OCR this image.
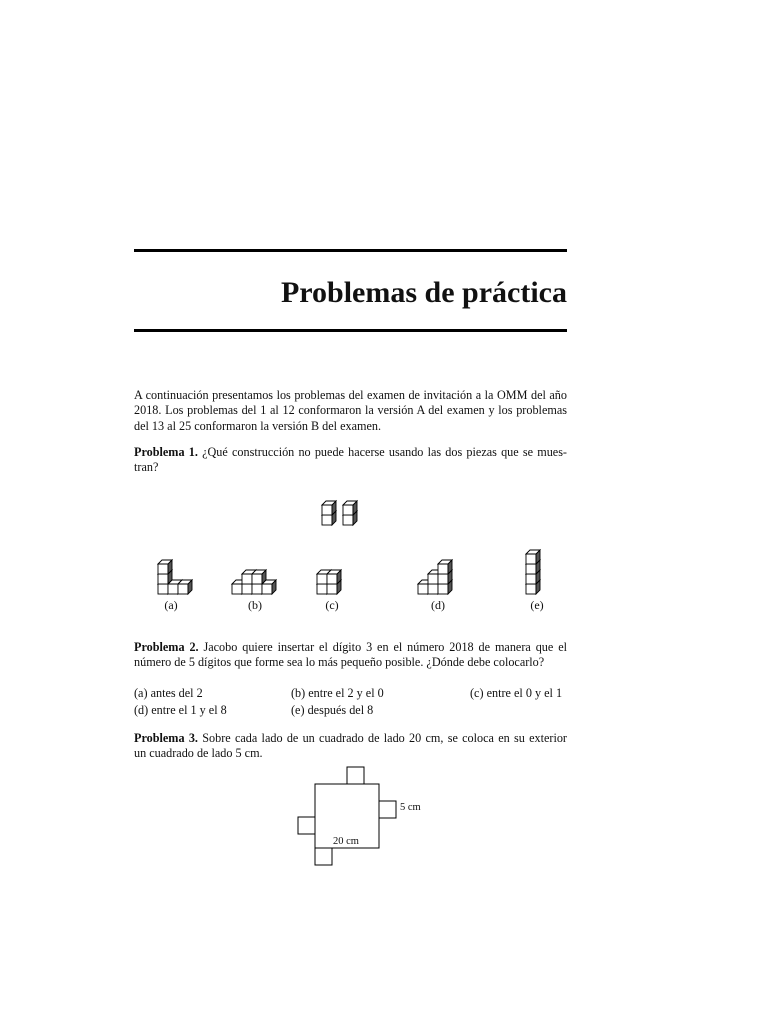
Problemas de práctica
A continuación presentamos los problemas del examen de invitación a la OMM del año
2018. Los problemas del 1 al 12 conformaron la versión A del examen y los problemas
del 13 al 25 conformaron la versión B del examen.
Problema 1. ¿Qué construcción no puede hacerse usando las dos piezas que se mues-
tran?
(a)	(b)	(c)	(d)	(e)
Problema 2. Jacobo quiere insertar el dígito 3 en el número 2018 de manera que el
número de 5 dígitos que forme sea lo más pequeño posible. ¿Dónde debe colocarlo?
(a) antes del 2	(b) entre el 2 y el 0	(c) entre el 0 y el 1
(d) entre el 1 y el 8	(e) después del 8
Problema 3. Sobre cada lado de un cuadrado de lado 20 cm, se coloca en su exterior
un cuadrado de lado 5 cm.
5 cm
20 cm
